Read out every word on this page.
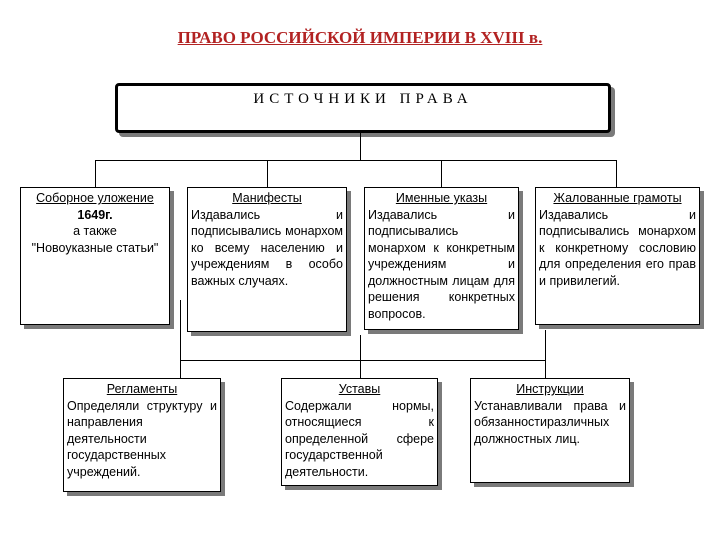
ПРАВО РОССИЙСКОЙ ИМПЕРИИ В XVIII в.
ИСТОЧНИКИ ПРАВА
Соборное уложение
1649г.
а также
"Новоуказные статьи"
Манифесты
Издавались и подписывались монархом ко всему населению и учреждениям в особо важных случаях.
Именные указы
Издавались и подписывались монархом к конкретным учреждениям и должностным лицам для решения конкретных вопросов.
Жалованные грамоты
Издавались и подписывались монархом к конкретному сословию для определения его прав и привилегий.
Регламенты
Определяли структуру и направления деятельности государственных учреждений.
Уставы
Содержали нормы, относящиеся к определенной сфере государственной деятельности.
Инструкции
Устанавливали права и обязанностиразличных должностных лиц.
